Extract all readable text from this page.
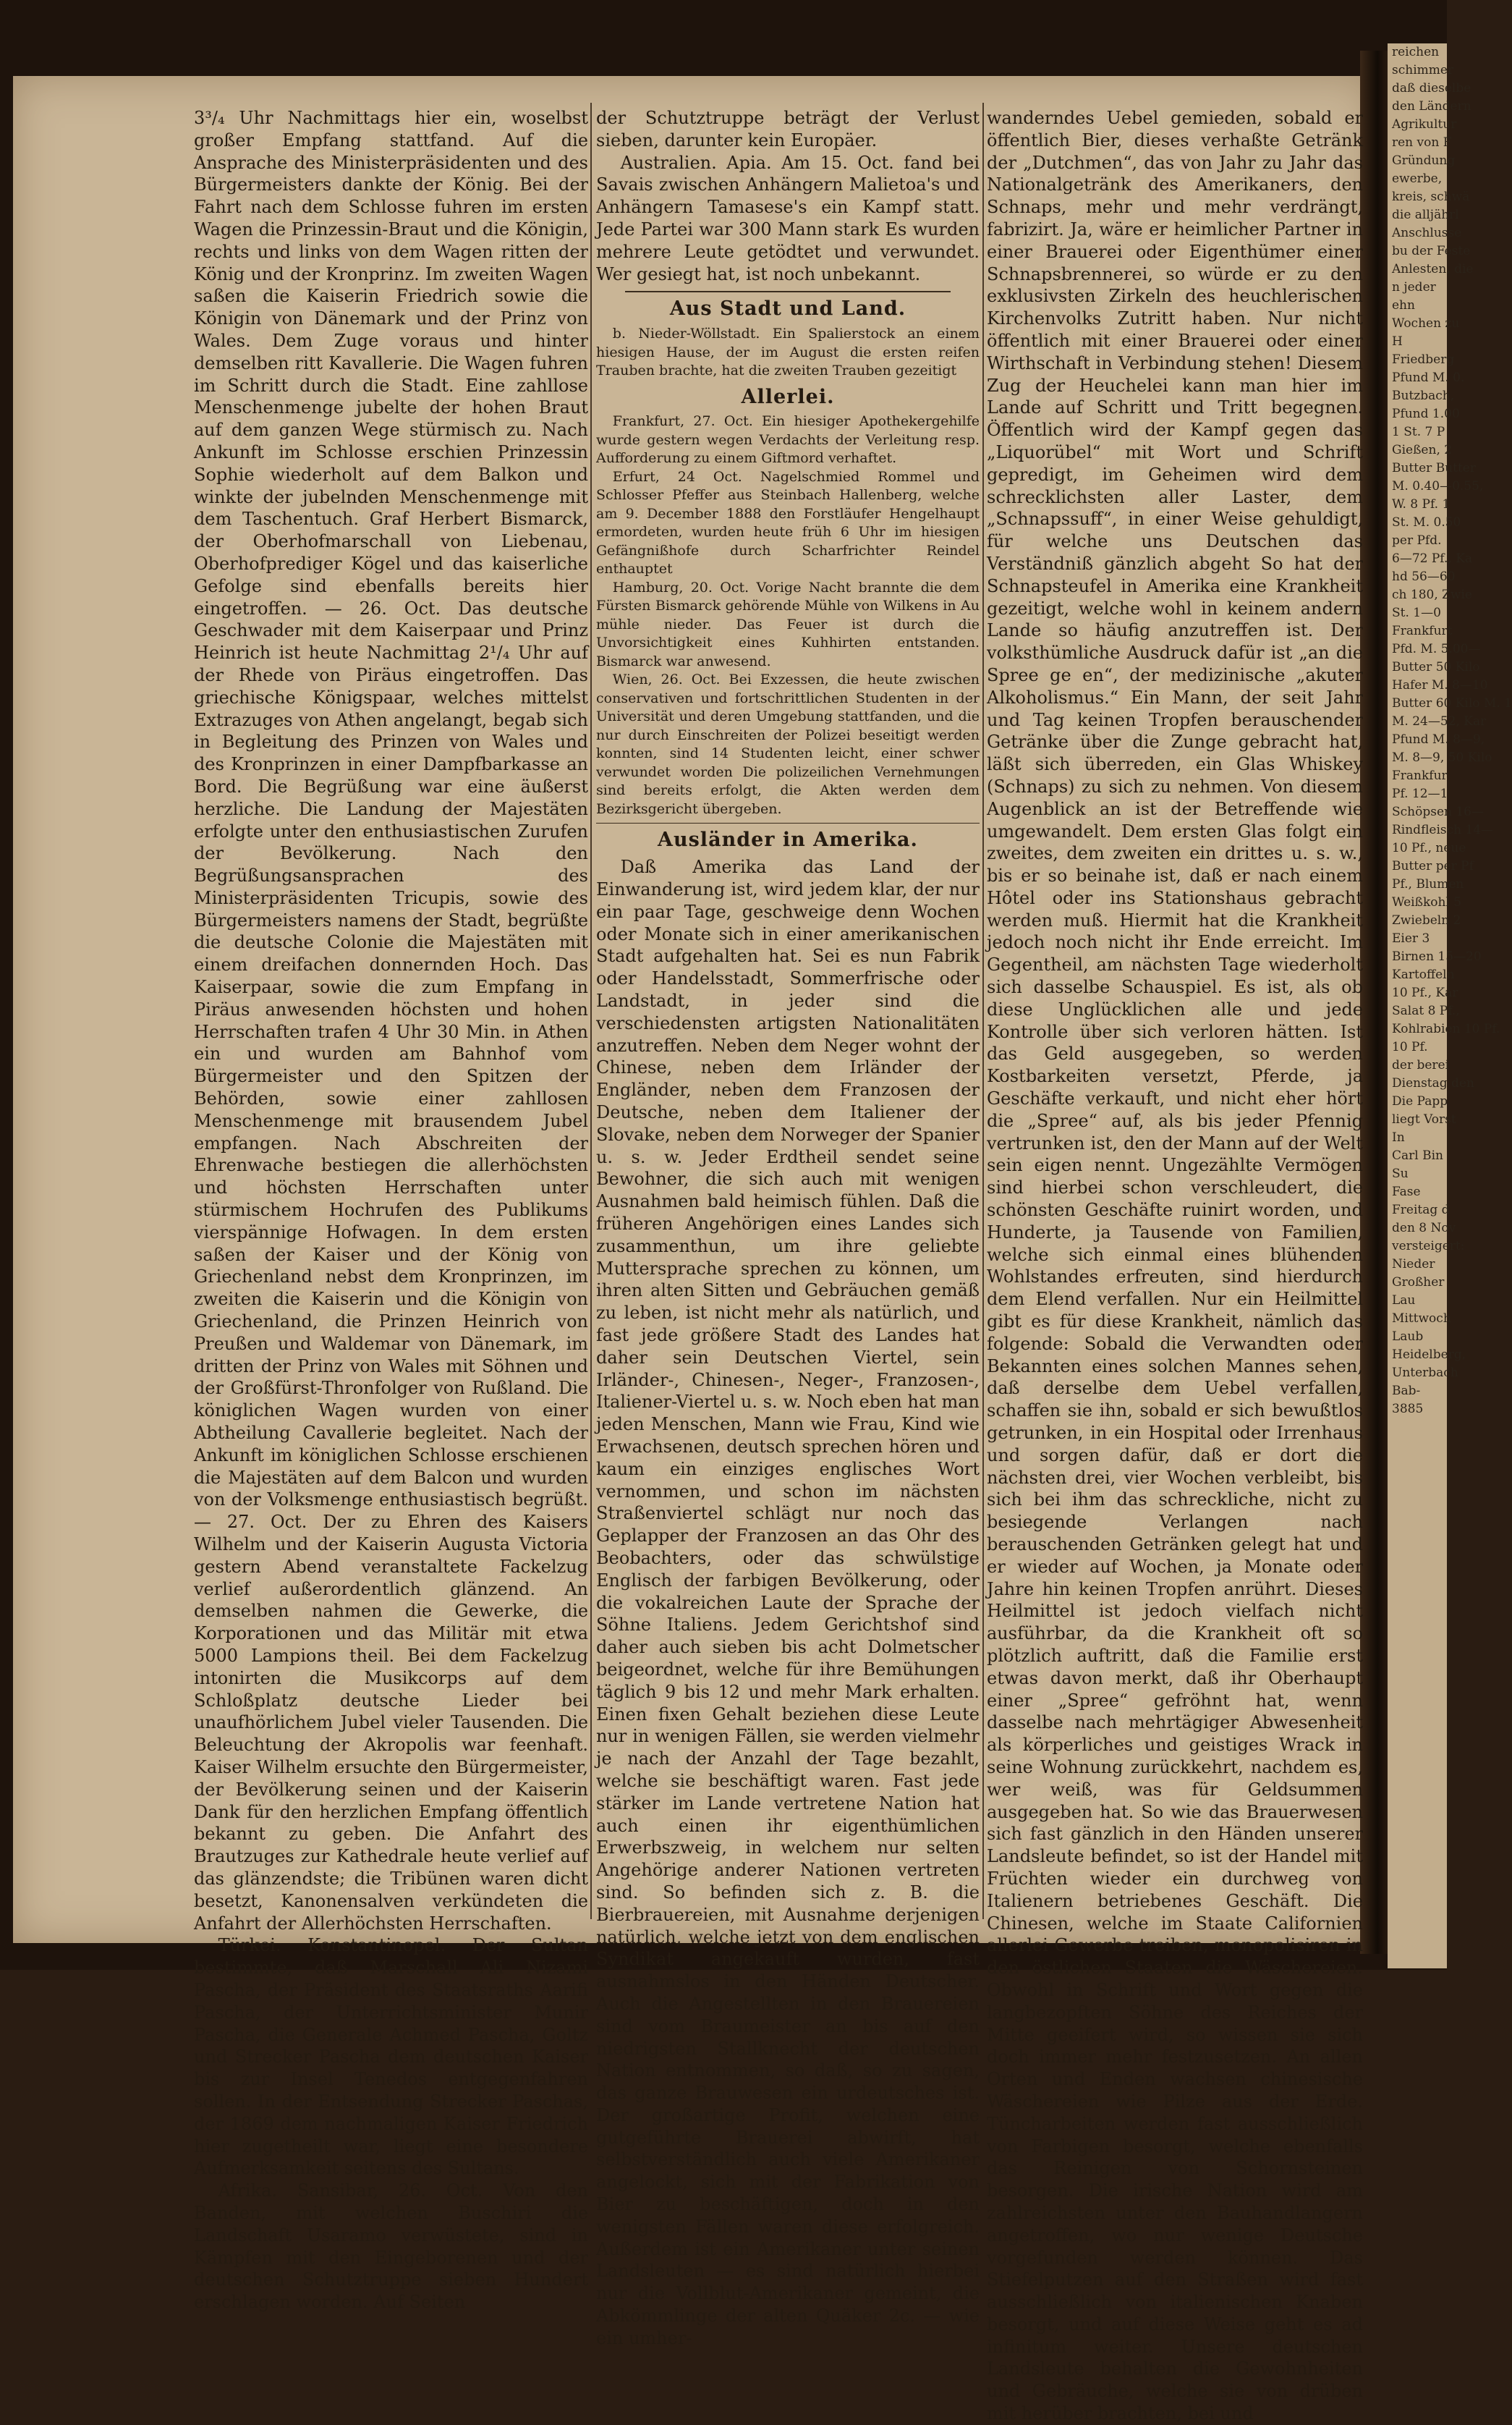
reichen
schimmer
daß dieselbe
den Ländern
Agrikultur
ren von F
Gründung
ewerbe,
kreis, schwä
die alljährl
Anschlusse
bu der Feste
Anlesten, die
n jeder
ehn
Wochen zu
H
Friedberg
Pfund M. 0.
Butzbach,
Pfund 1.00
1 St. 7 P
Gießen, 2
Butter Butter
M. 0.40—0.55,
W. 8 Pf. 1
St. M. 0.50
per Pfd.
6—72 Pf., Ka
hd 56—60
ch 180, Zwie
St. 1—0
Frankfurt
Pfd. M. 5.00—
Butter 50 Kilo
Hafer M. 8—10
Butter 60 Kilo M. 1
M. 24—52, Kar
Pfund M. 8—9,
M. 8—9, 50 Kilo
Frankfur
Pf. 12—1
Schöpsen 16—
Rindfleisch 14—
10 Pf., neue
Butter per Pf
Pf., Blumen
Weißkohl 5
Zwiebeln 2
Eier 3
Birnen 15—20
Kartoffeln
10 Pf., Kar
Salat 8 Pf.,
Kohlrabien 10 Pf.
10 Pf.
der berei
Dienstag den
Die Papp
liegt Vorst
In
Carl Bin
Su
Fase
Freitag d
den 8 Nov
versteigert:
Nieder
Großher
Lau
Mittwoch
Laub
Heidelberg,
Unterbach
Bab-
3885

3³/₄ Uhr Nachmittags hier ein, woselbst großer Empfang stattfand. Auf die Ansprache des Ministerpräsidenten und des Bürgermeisters dankte der König. Bei der Fahrt nach dem Schlosse fuhren im ersten Wagen die Prinzessin-Braut und die Königin, rechts und links von dem Wagen ritten der König und der Kronprinz. Im zweiten Wagen saßen die Kaiserin Friedrich sowie die Königin von Dänemark und der Prinz von Wales. Dem Zuge voraus und hinter demselben ritt Kavallerie. Die Wagen fuhren im Schritt durch die Stadt. Eine zahllose Menschenmenge jubelte der hohen Braut auf dem ganzen Wege stürmisch zu. Nach Ankunft im Schlosse erschien Prinzessin Sophie wiederholt auf dem Balkon und winkte der jubelnden Menschenmenge mit dem Taschentuch. Graf Herbert Bismarck, der Oberhofmarschall von Liebenau, Oberhofprediger Kögel und das kaiserliche Gefolge sind ebenfalls bereits hier eingetroffen. — 26. Oct. Das deutsche Geschwader mit dem Kaiserpaar und Prinz Heinrich ist heute Nachmittag 2¹/₄ Uhr auf der Rhede von Piräus eingetroffen. Das griechische Königspaar, welches mittelst Extrazuges von Athen angelangt, begab sich in Begleitung des Prinzen von Wales und des Kronprinzen in einer Dampfbarkasse an Bord. Die Begrüßung war eine äußerst herzliche. Die Landung der Majestäten erfolgte unter den enthusiastischen Zurufen der Bevölkerung. Nach den Begrüßungsansprachen des Ministerpräsidenten Tricupis, sowie des Bürgermeisters namens der Stadt, begrüßte die deutsche Colonie die Majestäten mit einem dreifachen donnernden Hoch. Das Kaiserpaar, sowie die zum Empfang in Piräus anwesenden höchsten und hohen Herrschaften trafen 4 Uhr 30 Min. in Athen ein und wurden am Bahnhof vom Bürgermeister und den Spitzen der Behörden, sowie einer zahllosen Menschenmenge mit brausendem Jubel empfangen. Nach Abschreiten der Ehrenwache bestiegen die allerhöchsten und höchsten Herrschaften unter stürmischem Hochrufen des Publikums vierspännige Hofwagen. In dem ersten saßen der Kaiser und der König von Griechenland nebst dem Kronprinzen, im zweiten die Kaiserin und die Königin von Griechenland, die Prinzen Heinrich von Preußen und Waldemar von Dänemark, im dritten der Prinz von Wales mit Söhnen und der Großfürst-Thronfolger von Rußland. Die königlichen Wagen wurden von einer Abtheilung Cavallerie begleitet. Nach der Ankunft im königlichen Schlosse erschienen die Majestäten auf dem Balcon und wurden von der Volksmenge enthusiastisch begrüßt. — 27. Oct. Der zu Ehren des Kaisers Wilhelm und der Kaiserin Augusta Victoria gestern Abend veranstaltete Fackelzug verlief außerordentlich glänzend. An demselben nahmen die Gewerke, die Korporationen und das Militär mit etwa 5000 Lampions theil. Bei dem Fackelzug intonirten die Musikcorps auf dem Schloßplatz deutsche Lieder bei unaufhörlichem Jubel vieler Tausenden. Die Beleuchtung der Akropolis war feenhaft. Kaiser Wilhelm ersuchte den Bürgermeister, der Bevölkerung seinen und der Kaiserin Dank für den herzlichen Empfang öffentlich bekannt zu geben. Die Anfahrt des Brautzuges zur Kathedrale heute verlief auf das glänzendste; die Tribünen waren dicht besetzt, Kanonensalven verkündeten die Anfahrt der Allerhöchsten Herrschaften.

Türkei. Konstantinopel. Der Sultan bestimmte, daß Marschall Ali Nizami Pascha, der Präsident des Staatsraths Aarifi Pascha, der Unterrichtsminister Munir Pascha, die Generale Achmed Pascha, Goltz und Strecker Pascha dem deutschen Kaiser bis zur Insel Tenedos entgegenfahren sollen. In der Entsendung Strecker Paschas, der 1869 dem nachmaligen Kaiser Friedrich hier zugetheilt war, liegt eine besondere Aufmerksamkeit seitens des Sultans.

Afrika. Sansibar, 26. Oct. Von den Banden, mit welchen Buschiri die Landschaft Usaramo verwüstete, sind in Kämpfen mit den Eingeborenen und der deutschen Schutztruppe sieben Hundert erschlagen worden. Auf Seiten

der Schutztruppe beträgt der Verlust sieben, darunter kein Europäer.

Australien. Apia. Am 15. Oct. fand bei Savais zwischen Anhängern Malietoa's und Anhängern Tamasese's ein Kampf statt. Jede Partei war 300 Mann stark Es wurden mehrere Leute getödtet und verwundet. Wer gesiegt hat, ist noch unbekannt.

Aus Stadt und Land.

b. Nieder-Wöllstadt. Ein Spalierstock an einem hiesigen Hause, der im August die ersten reifen Trauben brachte, hat die zweiten Trauben gezeitigt

Allerlei.

Frankfurt, 27. Oct. Ein hiesiger Apothekergehilfe wurde gestern wegen Verdachts der Verleitung resp. Aufforderung zu einem Giftmord verhaftet.

Erfurt, 24 Oct. Nagelschmied Rommel und Schlosser Pfeffer aus Steinbach Hallenberg, welche am 9. December 1888 den Forstläufer Hengelhaupt ermordeten, wurden heute früh 6 Uhr im hiesigen Gefängnißhofe durch Scharfrichter Reindel enthauptet

Hamburg, 20. Oct. Vorige Nacht brannte die dem Fürsten Bismarck gehörende Mühle von Wilkens in Au mühle nieder. Das Feuer ist durch die Unvorsichtigkeit eines Kuhhirten entstanden. Bismarck war anwesend.

Wien, 26. Oct. Bei Exzessen, die heute zwischen conservativen und fortschrittlichen Studenten in der Universität und deren Umgebung stattfanden, und die nur durch Einschreiten der Polizei beseitigt werden konnten, sind 14 Studenten leicht, einer schwer verwundet worden Die polizeilichen Vernehmungen sind bereits erfolgt, die Akten werden dem Bezirksgericht übergeben.

Ausländer in Amerika.

Daß Amerika das Land der Einwanderung ist, wird jedem klar, der nur ein paar Tage, geschweige denn Wochen oder Monate sich in einer amerikanischen Stadt aufgehalten hat. Sei es nun Fabrik oder Handelsstadt, Sommerfrische oder Landstadt, in jeder sind die verschiedensten artigsten Nationalitäten anzutreffen. Neben dem Neger wohnt der Chinese, neben dem Irländer der Engländer, neben dem Franzosen der Deutsche, neben dem Italiener der Slovake, neben dem Norweger der Spanier u. s. w. Jeder Erdtheil sendet seine Bewohner, die sich auch mit wenigen Ausnahmen bald heimisch fühlen. Daß die früheren Angehörigen eines Landes sich zusammenthun, um ihre geliebte Muttersprache sprechen zu können, um ihren alten Sitten und Gebräuchen gemäß zu leben, ist nicht mehr als natürlich, und fast jede größere Stadt des Landes hat daher sein Deutschen Viertel, sein Irländer-, Chinesen-, Neger-, Franzosen-, Italiener-Viertel u. s. w. Noch eben hat man jeden Menschen, Mann wie Frau, Kind wie Erwachsenen, deutsch sprechen hören und kaum ein einziges englisches Wort vernommen, und schon im nächsten Straßenviertel schlägt nur noch das Geplapper der Franzosen an das Ohr des Beobachters, oder das schwülstige Englisch der farbigen Bevölkerung, oder die vokalreichen Laute der Sprache der Söhne Italiens. Jedem Gerichtshof sind daher auch sieben bis acht Dolmetscher beigeordnet, welche für ihre Bemühungen täglich 9 bis 12 und mehr Mark erhalten. Einen fixen Gehalt beziehen diese Leute nur in wenigen Fällen, sie werden vielmehr je nach der Anzahl der Tage bezahlt, welche sie beschäftigt waren. Fast jede stärker im Lande vertretene Nation hat auch einen ihr eigenthümlichen Erwerbszweig, in welchem nur selten Angehörige anderer Nationen vertreten sind. So befinden sich z. B. die Bierbrauereien, mit Ausnahme derjenigen natürlich, welche jetzt von dem englischen Syndikat angekauft wurden, fast ausnahmslos in den Händen Deutscher. Auch die Angestellten in den Brauereien sind vom Braumeister an bis auf den niedrigsten Stallknecht der deutschen Nation entnommen, so daß, so zu sagen, das ganze Brauwesen ein urdeutsches ist. Der großartige Profit, welchen eine gutgeführte Brauerei abwirft, hat selbstverständlich auch viele Amerikaner angelockt, sich mit der Fabrikation von Bier zu beschäftigen, doch in den wenigsten Fällen waren diese erfolgreich. Außerdem ist ein Amerikaner unter seinen Landsleuten — es sind natürlich hierbei nur die Vollblut-Amerikaner gemeint, die Abkömmlinge der alten Quäker 2c. — wie ein umher-

wanderndes Uebel gemieden, sobald er öffentlich Bier, dieses verhaßte Getränk der „Dutchmen“, das von Jahr zu Jahr das Nationalgetränk des Amerikaners, den Schnaps, mehr und mehr verdrängt, fabrizirt. Ja, wäre er heimlicher Partner in einer Brauerei oder Eigenthümer einer Schnapsbrennerei, so würde er zu den exklusivsten Zirkeln des heuchlerischen Kirchenvolks Zutritt haben. Nur nicht öffentlich mit einer Brauerei oder einer Wirthschaft in Verbindung stehen! Diesem Zug der Heuchelei kann man hier im Lande auf Schritt und Tritt begegnen. Öffentlich wird der Kampf gegen das „Liquorübel“ mit Wort und Schrift gepredigt, im Geheimen wird dem schrecklichsten aller Laster, dem „Schnapssuff“, in einer Weise gehuldigt, für welche uns Deutschen das Verständniß gänzlich abgeht So hat der Schnapsteufel in Amerika eine Krankheit gezeitigt, welche wohl in keinem andern Lande so häufig anzutreffen ist. Der volksthümliche Ausdruck dafür ist „an die Spree ge en“, der medizinische „akuter Alkoholismus.“ Ein Mann, der seit Jahr und Tag keinen Tropfen berauschender Getränke über die Zunge gebracht hat, läßt sich überreden, ein Glas Whiskey (Schnaps) zu sich zu nehmen. Von diesem Augenblick an ist der Betreffende wie umgewandelt. Dem ersten Glas folgt ein zweites, dem zweiten ein drittes u. s. w., bis er so beinahe ist, daß er nach einem Hôtel oder ins Stationshaus gebracht werden muß. Hiermit hat die Krankheit jedoch noch nicht ihr Ende erreicht. Im Gegentheil, am nächsten Tage wiederholt sich dasselbe Schauspiel. Es ist, als ob diese Unglücklichen alle und jede Kontrolle über sich verloren hätten. Ist das Geld ausgegeben, so werden Kostbarkeiten versetzt, Pferde, ja Geschäfte verkauft, und nicht eher hört die „Spree“ auf, als bis jeder Pfennig vertrunken ist, den der Mann auf der Welt sein eigen nennt. Ungezählte Vermögen sind hierbei schon verschleudert, die schönsten Geschäfte ruinirt worden, und Hunderte, ja Tausende von Familien, welche sich einmal eines blühenden Wohlstandes erfreuten, sind hierdurch dem Elend verfallen. Nur ein Heilmittel gibt es für diese Krankheit, nämlich das folgende: Sobald die Verwandten oder Bekannten eines solchen Mannes sehen, daß derselbe dem Uebel verfallen, schaffen sie ihn, sobald er sich bewußtlos getrunken, in ein Hospital oder Irrenhaus und sorgen dafür, daß er dort die nächsten drei, vier Wochen verbleibt, bis sich bei ihm das schreckliche, nicht zu besiegende Verlangen nach berauschenden Getränken gelegt hat und er wieder auf Wochen, ja Monate oder Jahre hin keinen Tropfen anrührt. Dieses Heilmittel ist jedoch vielfach nicht ausführbar, da die Krankheit oft so plötzlich auftritt, daß die Familie erst etwas davon merkt, daß ihr Oberhaupt einer „Spree“ gefröhnt hat, wenn dasselbe nach mehrtägiger Abwesenheit als körperliches und geistiges Wrack in seine Wohnung zurückkehrt, nachdem es, wer weiß, was für Geldsummen ausgegeben hat. So wie das Brauerwesen sich fast gänzlich in den Händen unserer Landsleute befindet, so ist der Handel mit Früchten wieder ein durchweg von Italienern betriebenes Geschäft. Die Chinesen, welche im Staate Californien allerlei Gewerbe treiben, monopolisiren in den östlichen Staaten die Wäschereien. Obwohl in Schrift und Wort gegen die langbezopften Söhne des Reiches der Mitte geeifert wird, so wissen sie sich doch immer mehr festzusetzen. An allen Orten und Enden wachsen chinesische Wäschereien wie Pilze aus der Erde. Tüncharbeiten werden fast ausschließlich von Farbigen besorgt, welche ebenfalls das Reinigen von Schornsteinen besorgen. Die irische Nation wird am zahlreichsten unter den Bauhandlangern angetroffen, wo nur wenige Deutsche vorgefunden werden können. Das Stiefelputzen auf den Straßen wird fast ausschließlich von italienischen Knaben besorgt, und auf diese Weise geht es ad infinitum weiter. Unsere deutschen Landsleute behalten die Gewohnheiten und Gebräuche, welche sie von drüben mit herüber brachten, bei und
